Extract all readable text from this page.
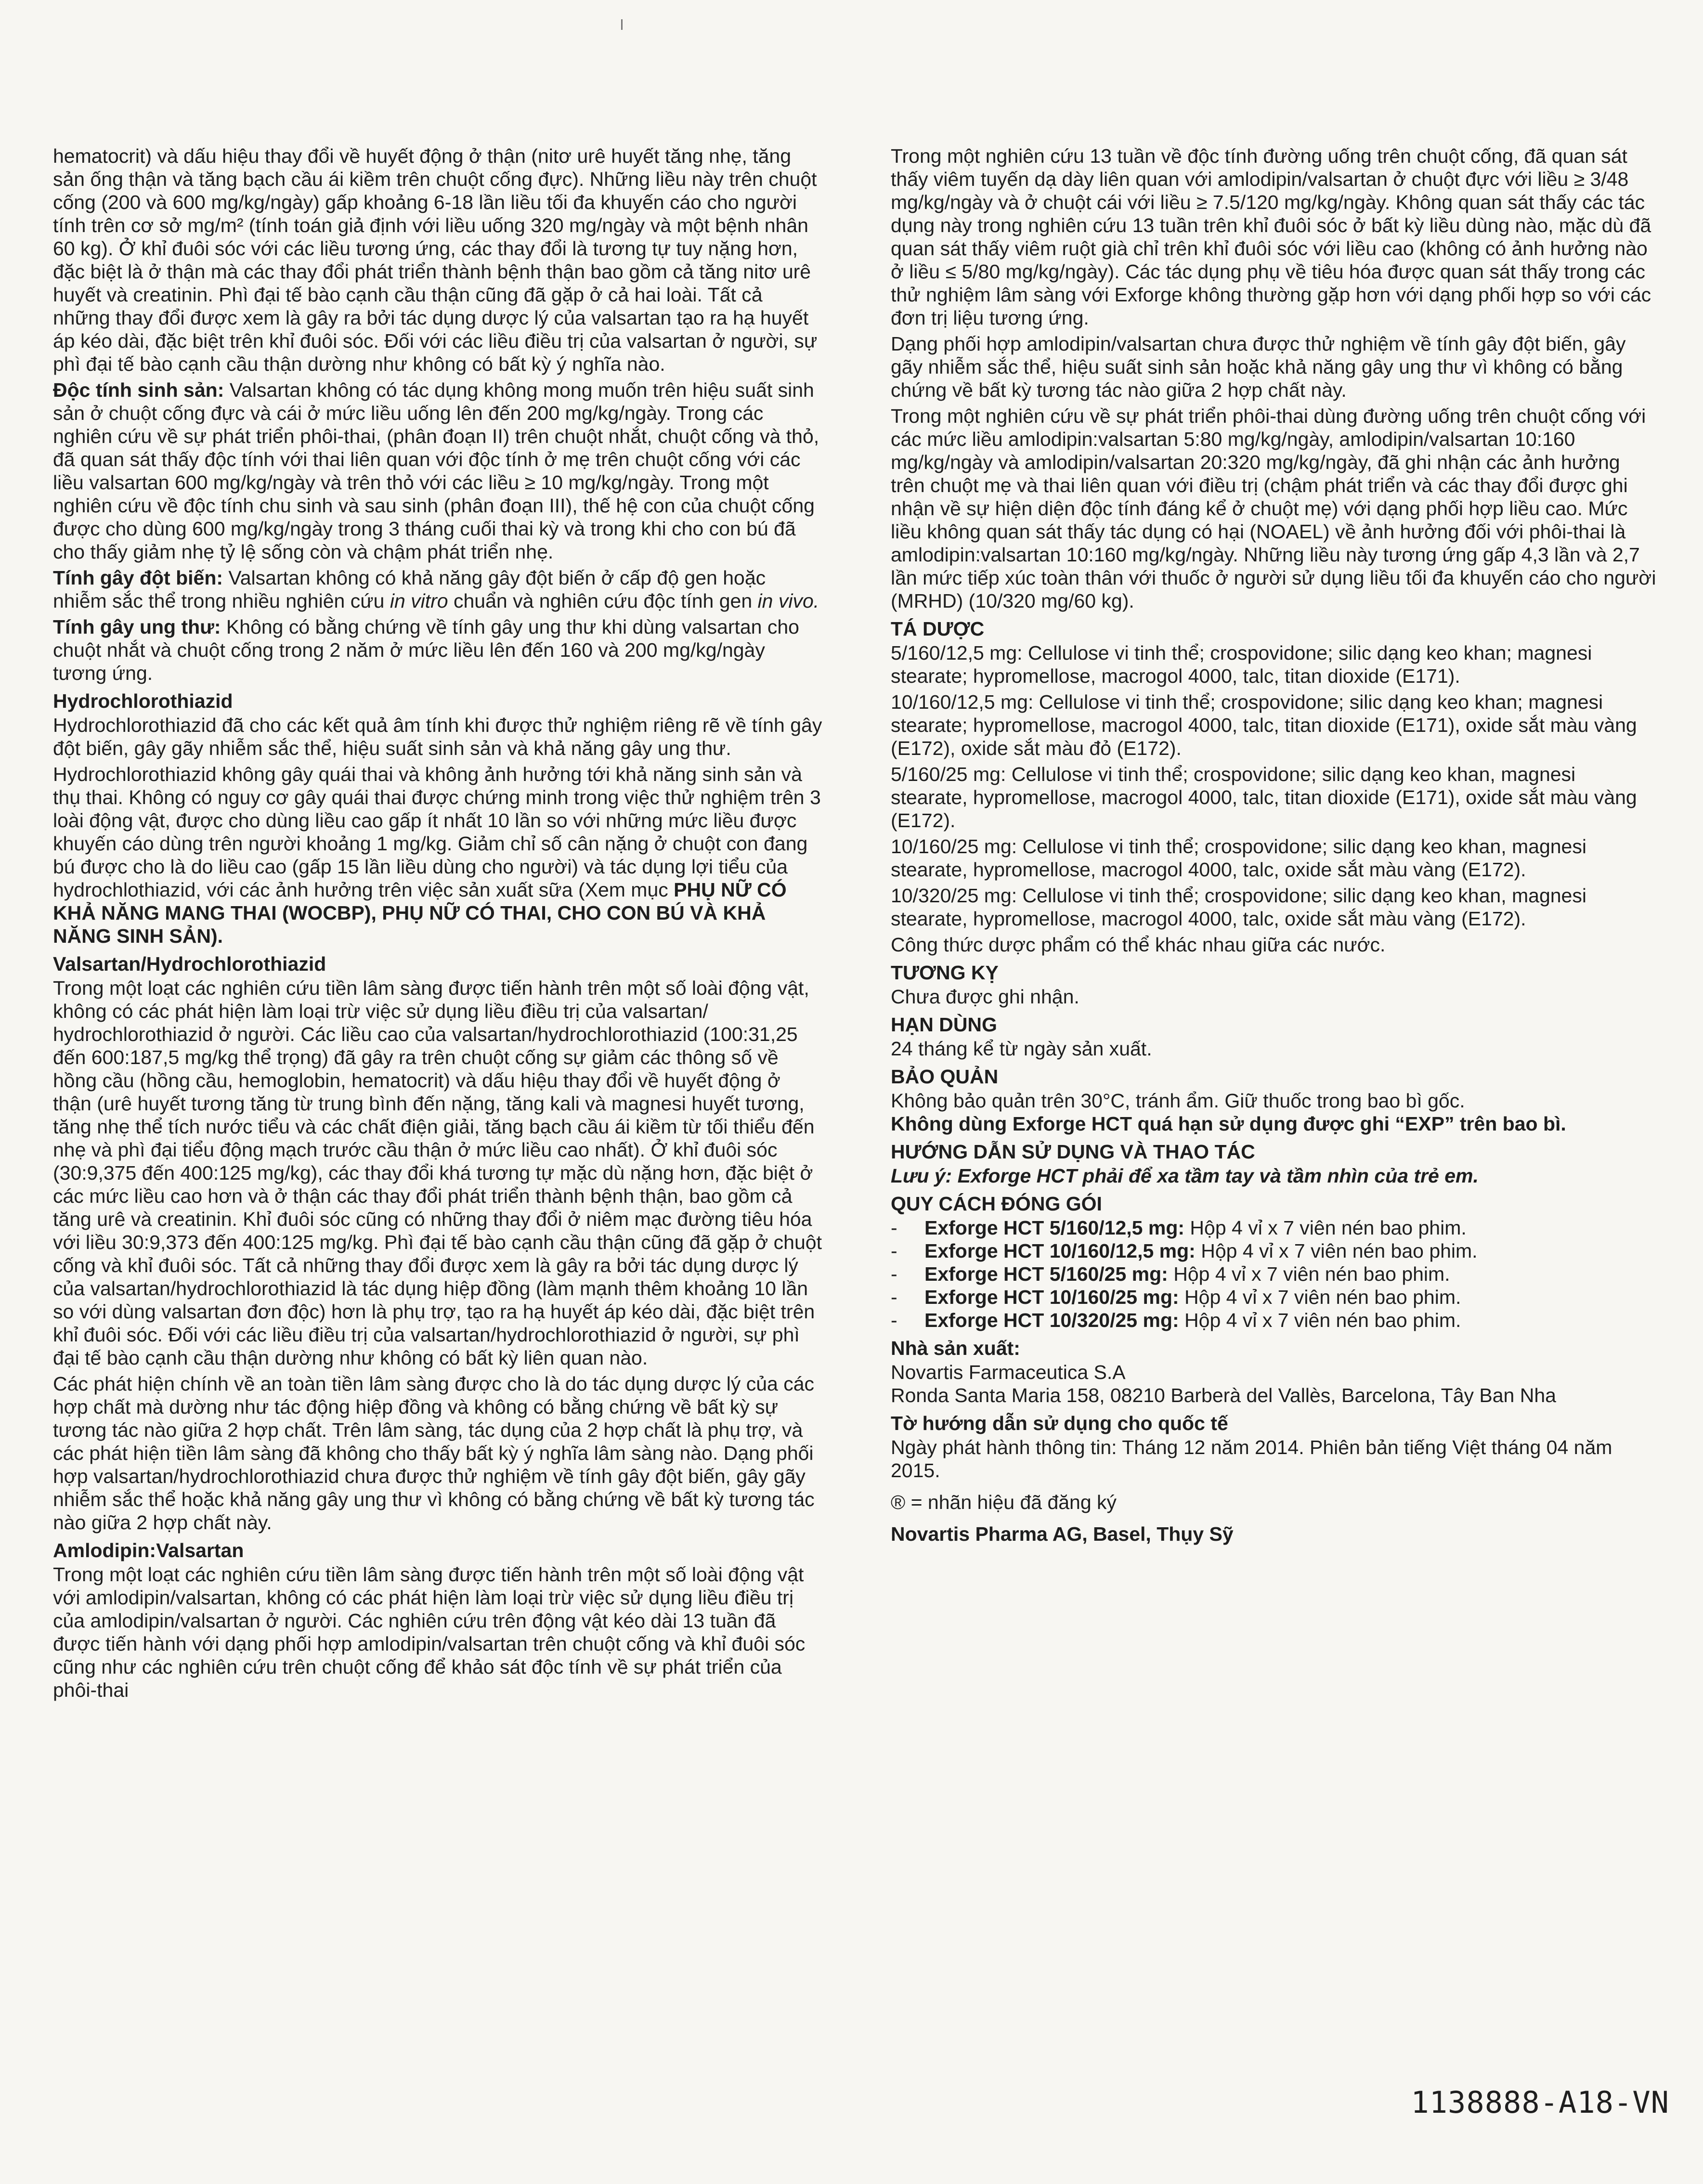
hematocrit) và dấu hiệu thay đổi về huyết động ở thận (nitơ urê huyết tăng nhẹ, tăng sản ống thận và tăng bạch cầu ái kiềm trên chuột cống đực). Những liều này trên chuột cống (200 và 600 mg/kg/ngày) gấp khoảng 6-18 lần liều tối đa khuyến cáo cho người tính trên cơ sở mg/m² (tính toán giả định với liều uống 320 mg/ngày và một bệnh nhân 60 kg). Ở khỉ đuôi sóc với các liều tương ứng, các thay đổi là tương tự tuy nặng hơn, đặc biệt là ở thận mà các thay đổi phát triển thành bệnh thận bao gồm cả tăng nitơ urê huyết và creatinin. Phì đại tế bào cạnh cầu thận cũng đã gặp ở cả hai loài. Tất cả những thay đổi được xem là gây ra bởi tác dụng dược lý của valsartan tạo ra hạ huyết áp kéo dài, đặc biệt trên khỉ đuôi sóc. Đối với các liều điều trị của valsartan ở người, sự phì đại tế bào cạnh cầu thận dường như không có bất kỳ ý nghĩa nào.

Độc tính sinh sản: Valsartan không có tác dụng không mong muốn trên hiệu suất sinh sản ở chuột cống đực và cái ở mức liều uống lên đến 200 mg/kg/ngày. Trong các nghiên cứu về sự phát triển phôi-thai, (phân đoạn II) trên chuột nhắt, chuột cống và thỏ, đã quan sát thấy độc tính với thai liên quan với độc tính ở mẹ trên chuột cống với các liều valsartan 600 mg/kg/ngày và trên thỏ với các liều ≥ 10 mg/kg/ngày. Trong một nghiên cứu về độc tính chu sinh và sau sinh (phân đoạn III), thế hệ con của chuột cống được cho dùng 600 mg/kg/ngày trong 3 tháng cuối thai kỳ và trong khi cho con bú đã cho thấy giảm nhẹ tỷ lệ sống còn và chậm phát triển nhẹ.

Tính gây đột biến: Valsartan không có khả năng gây đột biến ở cấp độ gen hoặc nhiễm sắc thể trong nhiều nghiên cứu in vitro chuẩn và nghiên cứu độc tính gen in vivo.

Tính gây ung thư: Không có bằng chứng về tính gây ung thư khi dùng valsartan cho chuột nhắt và chuột cống trong 2 năm ở mức liều lên đến 160 và 200 mg/kg/ngày tương ứng.

Hydrochlorothiazid

Hydrochlorothiazid đã cho các kết quả âm tính khi được thử nghiệm riêng rẽ về tính gây đột biến, gây gãy nhiễm sắc thể, hiệu suất sinh sản và khả năng gây ung thư.

Hydrochlorothiazid không gây quái thai và không ảnh hưởng tới khả năng sinh sản và thụ thai. Không có nguy cơ gây quái thai được chứng minh trong việc thử nghiệm trên 3 loài động vật, được cho dùng liều cao gấp ít nhất 10 lần so với những mức liều được khuyến cáo dùng trên người khoảng 1 mg/kg. Giảm chỉ số cân nặng ở chuột con đang bú được cho là do liều cao (gấp 15 lần liều dùng cho người) và tác dụng lợi tiểu của hydrochlothiazid, với các ảnh hưởng trên việc sản xuất sữa (Xem mục PHỤ NỮ CÓ KHẢ NĂNG MANG THAI (WOCBP), PHỤ NỮ CÓ THAI, CHO CON BÚ VÀ KHẢ NĂNG SINH SẢN).

Valsartan/Hydrochlorothiazid

Trong một loạt các nghiên cứu tiền lâm sàng được tiến hành trên một số loài động vật, không có các phát hiện làm loại trừ việc sử dụng liều điều trị của valsartan/ hydrochlorothiazid ở người. Các liều cao của valsartan/hydrochlorothiazid (100:31,25 đến 600:187,5 mg/kg thể trọng) đã gây ra trên chuột cống sự giảm các thông số về hồng cầu (hồng cầu, hemoglobin, hematocrit) và dấu hiệu thay đổi về huyết động ở thận (urê huyết tương tăng từ trung bình đến nặng, tăng kali và magnesi huyết tương, tăng nhẹ thể tích nước tiểu và các chất điện giải, tăng bạch cầu ái kiềm từ tối thiểu đến nhẹ và phì đại tiểu động mạch trước cầu thận ở mức liều cao nhất). Ở khỉ đuôi sóc (30:9,375 đến 400:125 mg/kg), các thay đổi khá tương tự mặc dù nặng hơn, đặc biệt ở các mức liều cao hơn và ở thận các thay đổi phát triển thành bệnh thận, bao gồm cả tăng urê và creatinin. Khỉ đuôi sóc cũng có những thay đổi ở niêm mạc đường tiêu hóa với liều 30:9,373 đến 400:125 mg/kg. Phì đại tế bào cạnh cầu thận cũng đã gặp ở chuột cống và khỉ đuôi sóc. Tất cả những thay đổi được xem là gây ra bởi tác dụng dược lý của valsartan/hydrochlorothiazid là tác dụng hiệp đồng (làm mạnh thêm khoảng 10 lần so với dùng valsartan đơn độc) hơn là phụ trợ, tạo ra hạ huyết áp kéo dài, đặc biệt trên khỉ đuôi sóc. Đối với các liều điều trị của valsartan/hydrochlorothiazid ở người, sự phì đại tế bào cạnh cầu thận dường như không có bất kỳ liên quan nào.

Các phát hiện chính về an toàn tiền lâm sàng được cho là do tác dụng dược lý của các hợp chất mà dường như tác động hiệp đồng và không có bằng chứng về bất kỳ sự tương tác nào giữa 2 hợp chất. Trên lâm sàng, tác dụng của 2 hợp chất là phụ trợ, và các phát hiện tiền lâm sàng đã không cho thấy bất kỳ ý nghĩa lâm sàng nào. Dạng phối hợp valsartan/hydrochlorothiazid chưa được thử nghiệm về tính gây đột biến, gây gãy nhiễm sắc thể hoặc khả năng gây ung thư vì không có bằng chứng về bất kỳ tương tác nào giữa 2 hợp chất này.

Amlodipin:Valsartan

Trong một loạt các nghiên cứu tiền lâm sàng được tiến hành trên một số loài động vật với amlodipin/valsartan, không có các phát hiện làm loại trừ việc sử dụng liều điều trị của amlodipin/valsartan ở người. Các nghiên cứu trên động vật kéo dài 13 tuần đã được tiến hành với dạng phối hợp amlodipin/valsartan trên chuột cống và khỉ đuôi sóc cũng như các nghiên cứu trên chuột cống để khảo sát độc tính về sự phát triển của phôi-thai

Trong một nghiên cứu 13 tuần về độc tính đường uống trên chuột cống, đã quan sát thấy viêm tuyến dạ dày liên quan với amlodipin/valsartan ở chuột đực với liều ≥ 3/48 mg/kg/ngày và ở chuột cái với liều ≥ 7.5/120 mg/kg/ngày. Không quan sát thấy các tác dụng này trong nghiên cứu 13 tuần trên khỉ đuôi sóc ở bất kỳ liều dùng nào, mặc dù đã quan sát thấy viêm ruột già chỉ trên khỉ đuôi sóc với liều cao (không có ảnh hưởng nào ở liều ≤ 5/80 mg/kg/ngày). Các tác dụng phụ về tiêu hóa được quan sát thấy trong các thử nghiệm lâm sàng với Exforge không thường gặp hơn với dạng phối hợp so với các đơn trị liệu tương ứng.

Dạng phối hợp amlodipin/valsartan chưa được thử nghiệm về tính gây đột biến, gây gãy nhiễm sắc thể, hiệu suất sinh sản hoặc khả năng gây ung thư vì không có bằng chứng về bất kỳ tương tác nào giữa 2 hợp chất này.

Trong một nghiên cứu về sự phát triển phôi-thai dùng đường uống trên chuột cống với các mức liều amlodipin:valsartan 5:80 mg/kg/ngày, amlodipin/valsartan 10:160 mg/kg/ngày và amlodipin/valsartan 20:320 mg/kg/ngày, đã ghi nhận các ảnh hưởng trên chuột mẹ và thai liên quan với điều trị (chậm phát triển và các thay đổi được ghi nhận về sự hiện diện độc tính đáng kể ở chuột mẹ) với dạng phối hợp liều cao. Mức liều không quan sát thấy tác dụng có hại (NOAEL) về ảnh hưởng đối với phôi-thai là amlodipin:valsartan 10:160 mg/kg/ngày. Những liều này tương ứng gấp 4,3 lần và 2,7 lần mức tiếp xúc toàn thân với thuốc ở người sử dụng liều tối đa khuyến cáo cho người (MRHD) (10/320 mg/60 kg).

TÁ DƯỢC

5/160/12,5 mg: Cellulose vi tinh thể; crospovidone; silic dạng keo khan; magnesi stearate; hypromellose, macrogol 4000, talc, titan dioxide (E171).

10/160/12,5 mg: Cellulose vi tinh thể; crospovidone; silic dạng keo khan; magnesi stearate; hypromellose, macrogol 4000, talc, titan dioxide (E171), oxide sắt màu vàng (E172), oxide sắt màu đỏ (E172).

5/160/25 mg: Cellulose vi tinh thể; crospovidone; silic dạng keo khan, magnesi stearate, hypromellose, macrogol 4000, talc, titan dioxide (E171), oxide sắt màu vàng (E172).

10/160/25 mg: Cellulose vi tinh thể; crospovidone; silic dạng keo khan, magnesi stearate, hypromellose, macrogol 4000, talc, oxide sắt màu vàng (E172).

10/320/25 mg: Cellulose vi tinh thể; crospovidone; silic dạng keo khan, magnesi stearate, hypromellose, macrogol 4000, talc, oxide sắt màu vàng (E172).

Công thức dược phẩm có thể khác nhau giữa các nước.

TƯƠNG KỴ

Chưa được ghi nhận.

HẠN DÙNG

24 tháng kể từ ngày sản xuất.

BẢO QUẢN

Không bảo quản trên 30°C, tránh ẩm. Giữ thuốc trong bao bì gốc.

Không dùng Exforge HCT quá hạn sử dụng được ghi “EXP” trên bao bì.

HƯỚNG DẪN SỬ DỤNG VÀ THAO TÁC

Lưu ý: Exforge HCT phải để xa tầm tay và tầm nhìn của trẻ em.

QUY CÁCH ĐÓNG GÓI
- Exforge HCT 5/160/12,5 mg: Hộp 4 vỉ x 7 viên nén bao phim.
- Exforge HCT 10/160/12,5 mg: Hộp 4 vỉ x 7 viên nén bao phim.
- Exforge HCT 5/160/25 mg: Hộp 4 vỉ x 7 viên nén bao phim.
- Exforge HCT 10/160/25 mg: Hộp 4 vỉ x 7 viên nén bao phim.
- Exforge HCT 10/320/25 mg: Hộp 4 vỉ x 7 viên nén bao phim.
Nhà sản xuất:

Novartis Farmaceutica S.A

Ronda Santa Maria 158, 08210 Barberà del Vallès, Barcelona, Tây Ban Nha

Tờ hướng dẫn sử dụng cho quốc tế

Ngày phát hành thông tin: Tháng 12 năm 2014. Phiên bản tiếng Việt tháng 04 năm 2015.

® = nhãn hiệu đã đăng ký

Novartis Pharma AG, Basel, Thụy Sỹ

1138888-A18-VN
